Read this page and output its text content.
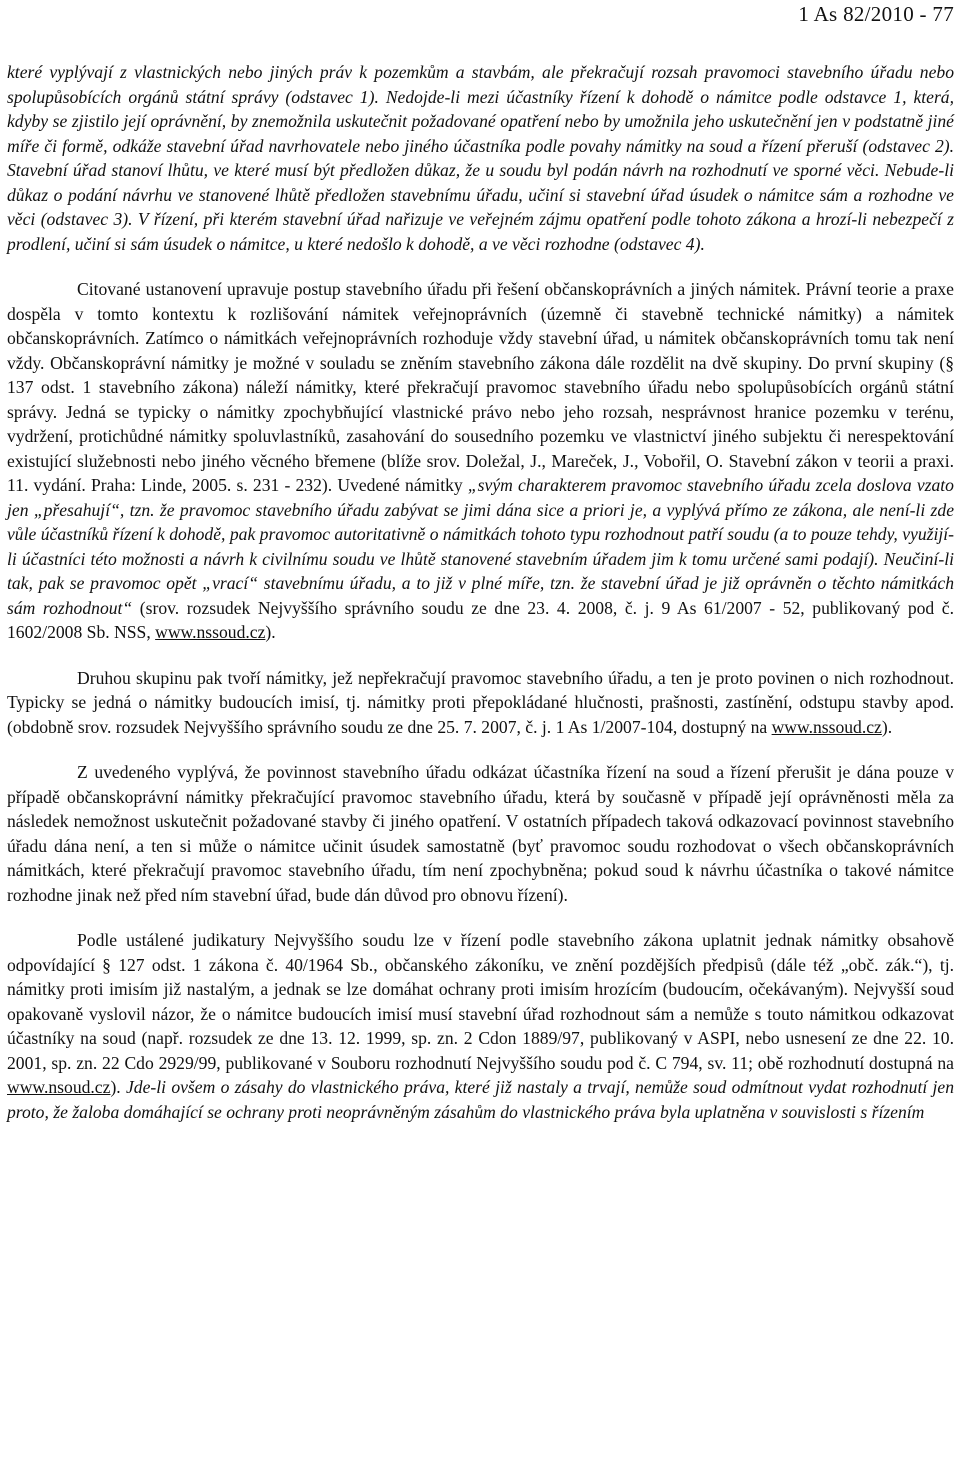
1 As 82/2010 - 77

které vyplývají z vlastnických nebo jiných práv k pozemkům a stavbám, ale překračují rozsah pravomoci stavebního úřadu nebo spolupůsobících orgánů státní správy (odstavec 1). Nedojde-li mezi účastníky řízení k dohodě o námitce podle odstavce 1, která, kdyby se zjistilo její oprávnění, by znemožnila uskutečnit požadované opatření nebo by umožnila jeho uskutečnění jen v podstatně jiné míře či formě, odkáže stavební úřad navrhovatele nebo jiného účastníka podle povahy námitky na soud a řízení přeruší (odstavec 2). Stavební úřad stanoví lhůtu, ve které musí být předložen důkaz, že u soudu byl podán návrh na rozhodnutí ve sporné věci. Nebude-li důkaz o podání návrhu ve stanovené lhůtě předložen stavebnímu úřadu, učiní si stavební úřad úsudek o námitce sám a rozhodne ve věci (odstavec 3). V řízení, při kterém stavební úřad nařizuje ve veřejném zájmu opatření podle tohoto zákona a hrozí-li nebezpečí z prodlení, učiní si sám úsudek o námitce, u které nedošlo k dohodě, a ve věci rozhodne (odstavec 4).

Citované ustanovení upravuje postup stavebního úřadu při řešení občanskoprávních a jiných námitek. Právní teorie a praxe dospěla v tomto kontextu k rozlišování námitek veřejnoprávních (územně či stavebně technické námitky) a námitek občanskoprávních. Zatímco o námitkách veřejnoprávních rozhoduje vždy stavební úřad, u námitek občanskoprávních tomu tak není vždy. Občanskoprávní námitky je možné v souladu se zněním stavebního zákona dále rozdělit na dvě skupiny. Do první skupiny (§ 137 odst. 1 stavebního zákona) náleží námitky, které překračují pravomoc stavebního úřadu nebo spolupůsobících orgánů státní správy. Jedná se typicky o námitky zpochybňující vlastnické právo nebo jeho rozsah, nesprávnost hranice pozemku v terénu, vydržení, protichůdné námitky spoluvlastníků, zasahování do sousedního pozemku ve vlastnictví jiného subjektu či nerespektování existující služebnosti nebo jiného věcného břemene (blíže srov. Doležal, J., Mareček, J., Vobořil, O. Stavební zákon v teorii a praxi. 11. vydání. Praha: Linde, 2005. s. 231 - 232). Uvedené námitky „svým charakterem pravomoc stavebního úřadu zcela doslova vzato jen „přesahují“, tzn. že pravomoc stavebního úřadu zabývat se jimi dána sice a priori je, a vyplývá přímo ze zákona, ale není-li zde vůle účastníků řízení k dohodě, pak pravomoc autoritativně o námitkách tohoto typu rozhodnout patří soudu (a to pouze tehdy, využijí-li účastníci této možnosti a návrh k civilnímu soudu ve lhůtě stanovené stavebním úřadem jim k tomu určené sami podají). Neučiní-li tak, pak se pravomoc opět „vrací“ stavebnímu úřadu, a to již v plné míře, tzn. že stavební úřad je již oprávněn o těchto námitkách sám rozhodnout“ (srov. rozsudek Nejvyššího správního soudu ze dne 23. 4. 2008, č. j. 9 As 61/2007 - 52, publikovaný pod č. 1602/2008 Sb. NSS, www.nssoud.cz).

Druhou skupinu pak tvoří námitky, jež nepřekračují pravomoc stavebního úřadu, a ten je proto povinen o nich rozhodnout. Typicky se jedná o námitky budoucích imisí, tj. námitky proti přepokládané hlučnosti, prašnosti, zastínění, odstupu stavby apod. (obdobně srov. rozsudek Nejvyššího správního soudu ze dne 25. 7. 2007, č. j. 1 As 1/2007-104, dostupný na www.nssoud.cz).

Z uvedeného vyplývá, že povinnost stavebního úřadu odkázat účastníka řízení na soud a řízení přerušit je dána pouze v případě občanskoprávní námitky překračující pravomoc stavebního úřadu, která by současně v případě její oprávněnosti měla za následek nemožnost uskutečnit požadované stavby či jiného opatření. V ostatních případech taková odkazovací povinnost stavebního úřadu dána není, a ten si může o námitce učinit úsudek samostatně (byť pravomoc soudu rozhodovat o všech občanskoprávních námitkách, které překračují pravomoc stavebního úřadu, tím není zpochybněna; pokud soud k návrhu účastníka o takové námitce rozhodne jinak než před ním stavební úřad, bude dán důvod pro obnovu řízení).

Podle ustálené judikatury Nejvyššího soudu lze v řízení podle stavebního zákona uplatnit jednak námitky obsahově odpovídající § 127 odst. 1 zákona č. 40/1964 Sb., občanského zákoníku, ve znění pozdějších předpisů (dále též „obč. zák.“), tj. námitky proti imisím již nastalým, a jednak se lze domáhat ochrany proti imisím hrozícím (budoucím, očekávaným). Nejvyšší soud opakovaně vyslovil názor, že o námitce budoucích imisí musí stavební úřad rozhodnout sám a nemůže s touto námitkou odkazovat účastníky na soud (např. rozsudek ze dne 13. 12. 1999, sp. zn. 2 Cdon 1889/97, publikovaný v ASPI, nebo usnesení ze dne 22. 10. 2001, sp. zn. 22 Cdo 2929/99, publikované v Souboru rozhodnutí Nejvyššího soudu pod č. C 794, sv. 11; obě rozhodnutí dostupná na www.nsoud.cz). Jde-li ovšem o zásahy do vlastnického práva, které již nastaly a trvají, nemůže soud odmítnout vydat rozhodnutí jen proto, že žaloba domáhající se ochrany proti neoprávněným zásahům do vlastnického práva byla uplatněna v souvislosti s řízením
